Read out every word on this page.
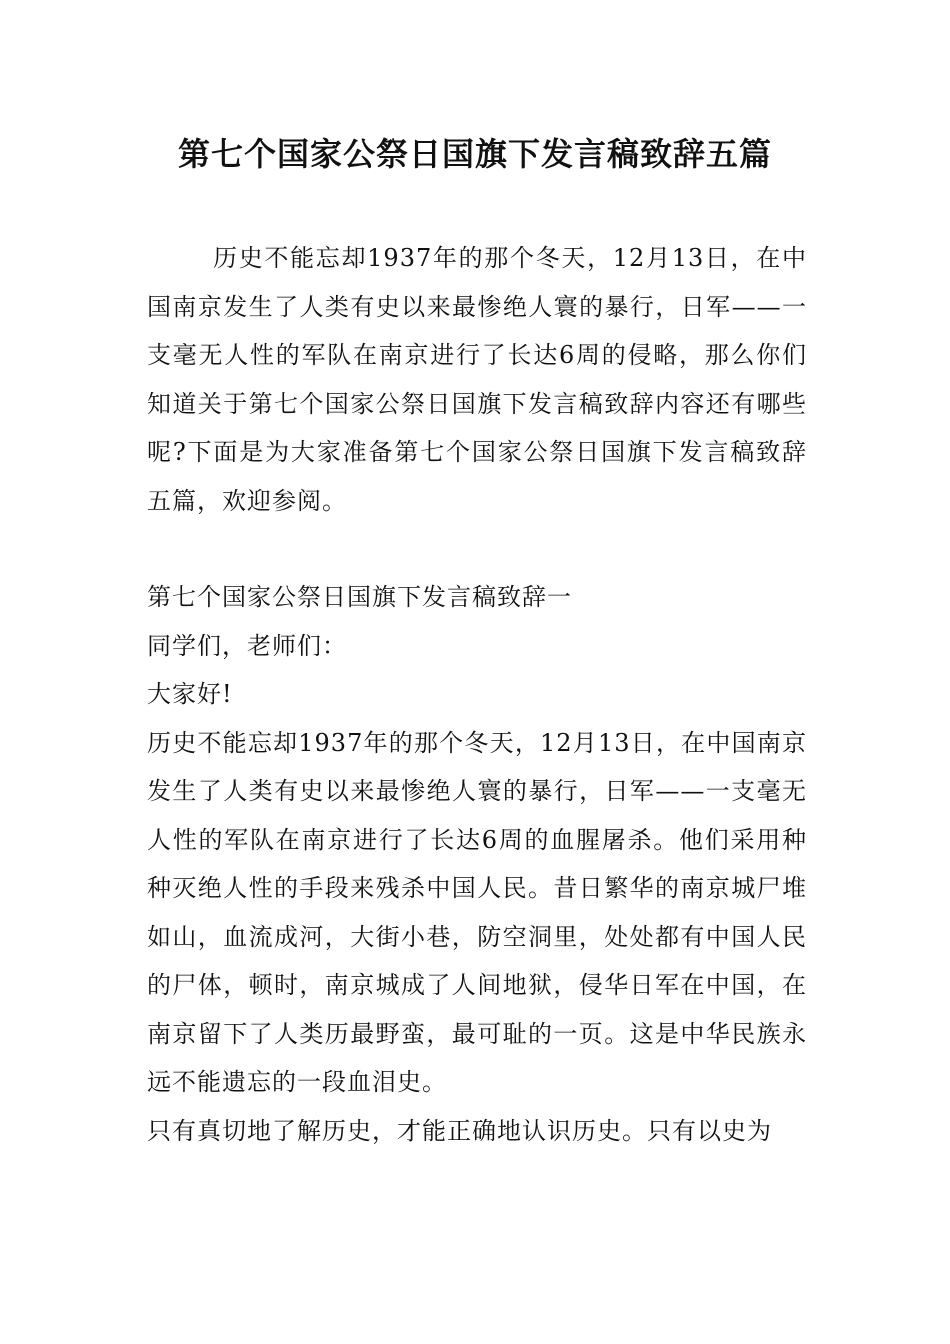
第七个国家公祭日国旗下发言稿致辞五篇

历史不能忘却1937年的那个冬天，12月13日，在中国南京发生了人类有史以来最惨绝人寰的暴行，日军——一支毫无人性的军队在南京进行了长达6周的侵略，那么你们知道关于第七个国家公祭日国旗下发言稿致辞内容还有哪些呢?下面是为大家准备第七个国家公祭日国旗下发言稿致辞五篇，欢迎参阅。

第七个国家公祭日国旗下发言稿致辞一

同学们，老师们：

大家好!

历史不能忘却1937年的那个冬天，12月13日，在中国南京发生了人类有史以来最惨绝人寰的暴行，日军——一支毫无人性的军队在南京进行了长达6周的血腥屠杀。他们采用种种灭绝人性的手段来残杀中国人民。昔日繁华的南京城尸堆如山，血流成河，大街小巷，防空洞里，处处都有中国人民的尸体，顿时，南京城成了人间地狱，侵华日军在中国，在南京留下了人类历最野蛮，最可耻的一页。这是中华民族永远不能遗忘的一段血泪史。

只有真切地了解历史，才能正确地认识历史。只有以史为
